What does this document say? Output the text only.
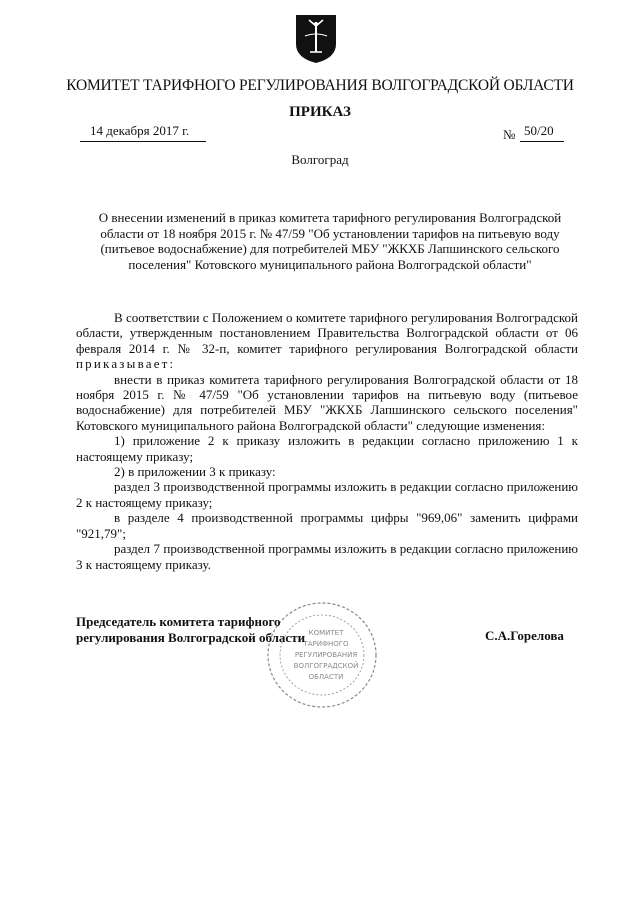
КОМИТЕТ ТАРИФНОГО РЕГУЛИРОВАНИЯ ВОЛГОГРАДСКОЙ ОБЛАСТИ
ПРИКАЗ
14 декабря 2017 г.	№ 50/20
Волгоград
О внесении изменений в приказ комитета тарифного регулирования Волгоградской
области от 18 ноября 2015 г. № 47/59 "Об установлении тарифов на питьевую воду
(питьевое водоснабжение) для потребителей МБУ "ЖКХБ Лапшинского сельского
поселения" Котовского муниципального района Волгоградской области"

В соответствии с Положением о комитете тарифного регулирования Волгоградской области, утвержденным постановлением Правительства Волгоградской области от 06 февраля 2014 г. № 32-п, комитет тарифного регулирования Волгоградской области приказывает:

внести в приказ комитета тарифного регулирования Волгоградской области от 18 ноября 2015 г. № 47/59 "Об установлении тарифов на питьевую воду (питьевое водоснабжение) для потребителей МБУ "ЖКХБ Лапшинского сельского поселения" Котовского муниципального района Волгоградской области" следующие изменения:

1) приложение 2 к приказу изложить в редакции согласно приложению 1 к настоящему приказу;

2) в приложении 3 к приказу:

раздел 3 производственной программы изложить в редакции согласно приложению 2 к настоящему приказу;

в разделе 4 производственной программы цифры "969,06" заменить цифрами "921,79";

раздел 7 производственной программы изложить в редакции согласно приложению 3 к настоящему приказу.

КОМИТЕТ
ТАРИФНОГО
РЕГУЛИРОВАНИЯ
ВОЛГОГРАДСКОЙ
ОБЛАСТИ
Председатель комитета тарифного
регулирования Волгоградской области	С.А.Горелова
